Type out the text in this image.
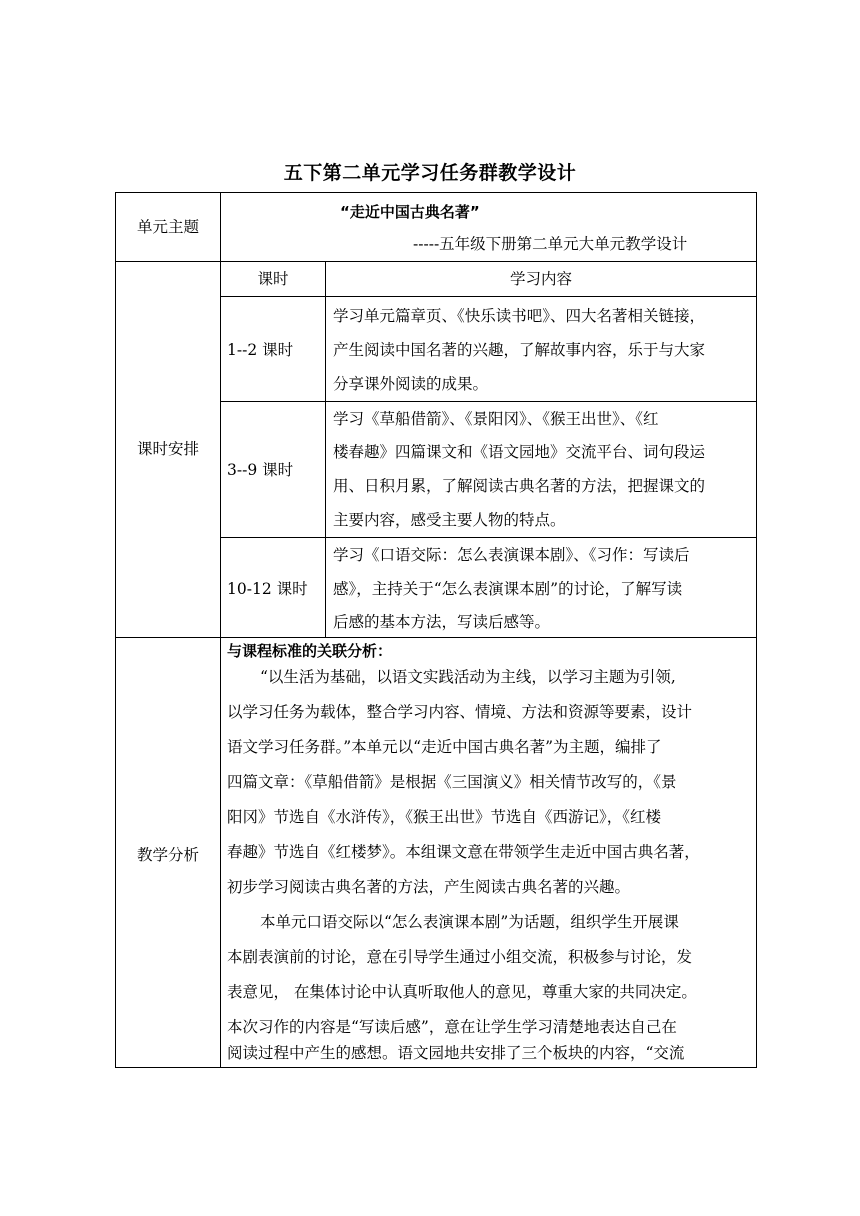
五下第二单元学习任务群教学设计
单元主题
“走近中国古典名著”
-----五年级下册第二单元大单元教学设计
课时安排
课时	学习内容
1--2 课时
学习单元篇章页、《快乐读书吧》、四大名著相关链接，
产生阅读中国名著的兴趣，了解故事内容，乐于与大家
分享课外阅读的成果。
3--9 课时
学习《草船借箭》、《景阳冈》、《猴王出世》、《红
楼春趣》四篇课文和《语文园地》交流平台、词句段运
用、日积月累，了解阅读古典名著的方法，把握课文的
主要内容，感受主要人物的特点。
10-12 课时
学习《口语交际：怎么表演课本剧》、《习作：写读后
感》，主持关于“怎么表演课本剧”的讨论，了解写读
后感的基本方法，写读后感等。
教学分析
与课程标准的关联分析：
“以生活为基础，以语文实践活动为主线，以学习主题为引领,
以学习任务为载体，整合学习内容、情境、方法和资源等要素，设计
语文学习任务群。”本单元以“走近中国古典名著”为主题，编排了
四篇文章：《草船借箭》是根据《三国演义》相关情节改写的，《景
阳冈》节选自《水浒传》，《猴王出世》节选自《西游记》，《红楼
春趣》节选自《红楼梦》。本组课文意在带领学生走近中国古典名著，
初步学习阅读古典名著的方法，产生阅读古典名著的兴趣。
本单元口语交际以“怎么表演课本剧”为话题，组织学生开展课
本剧表演前的讨论，意在引导学生通过小组交流，积极参与讨论，发
表意见， 在集体讨论中认真听取他人的意见，尊重大家的共同决定。
本次习作的内容是“写读后感”，意在让学生学习清楚地表达自己在
阅读过程中产生的感想。语文园地共安排了三个板块的内容，“交流
